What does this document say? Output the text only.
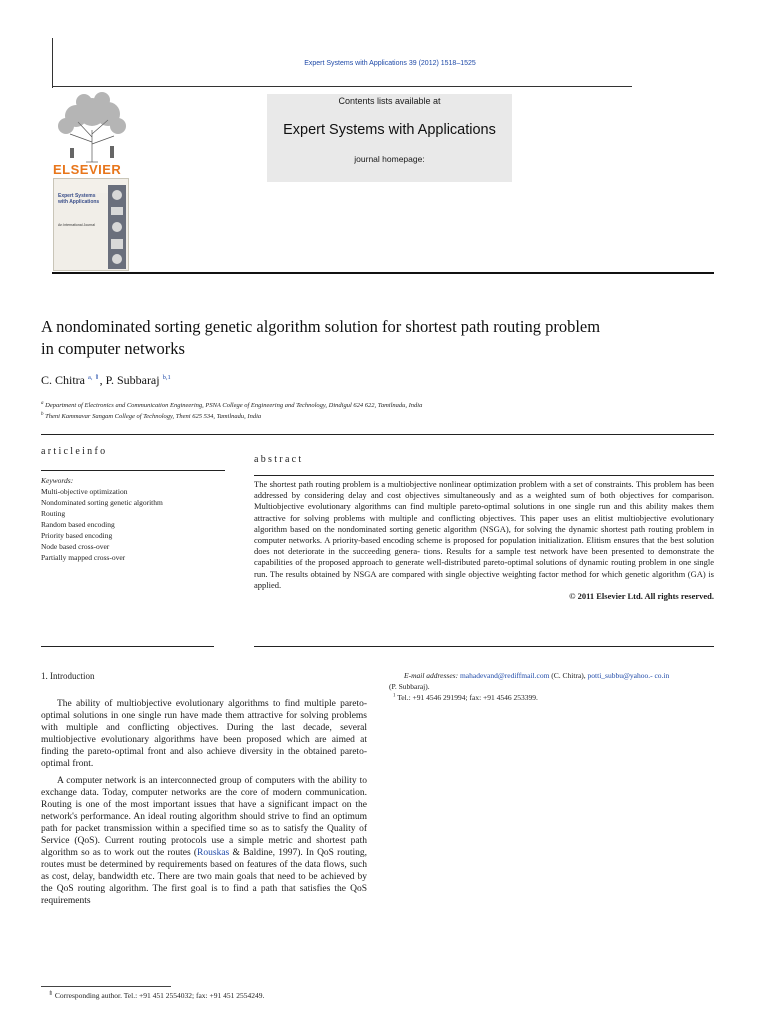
Expert Systems with Applications 39 (2012) 1518–1525
ELSEVIER
Expert Systems with Applications
An International Journal
Contents lists available at
Expert Systems with Applications
journal homepage:
A nondominated sorting genetic algorithm solution for shortest path routing problem in computer networks
C. Chitra $^{a, ⇑}$, P. Subbaraj $^{b,1}$
$^a$ Department of Electronics and Communication Engineering, PSNA College of Engineering and Technology, Dindigul 624 622, Tamilnadu, India
$^b$ Theni Kammavar Sangam College of Technology, Theni 625 534, Tamilnadu, India
articleinfo
Keywords:
Multi-objective optimization
Nondominated sorting genetic algorithm
Routing
Random based encoding
Priority based encoding
Node based cross-over
Partially mapped cross-over
abstract
The shortest path routing problem is a multiobjective nonlinear optimization problem with a set of constraints. This problem has been addressed by considering delay and cost objectives simultaneously and as a weighted sum of both objectives for comparison. Multiobjective evolutionary algorithms can find multiple pareto-optimal solutions in one single run and this ability makes them attractive for solving problems with multiple and conflicting objectives. This paper uses an elitist multiobjective evolutionary algorithm based on the nondominated sorting genetic algorithm (NSGA), for solving the dynamic shortest path routing problem in computer networks. A priority-based encoding scheme is proposed for population initialization. Elitism ensures that the best solution does not deteriorate in the succeeding genera- tions. Results for a sample test network have been presented to demonstrate the capabilities of the proposed approach to generate well-distributed pareto-optimal solutions of dynamic routing problem in one single run. The results obtained by NSGA are compared with single objective weighting factor method for which genetic algorithm (GA) is applied.
© 2011 Elsevier Ltd. All rights reserved.
1. Introduction

The ability of multiobjective evolutionary algorithms to find multiple pareto-optimal solutions in one single run have made them attractive for solving problems with multiple and conflicting objectives. During the last decade, several multiobjective evolutionary algorithms have been proposed which are aimed at finding the pareto-optimal front and also achieve diversity in the obtained pareto-optimal front.

A computer network is an interconnected group of computers with the ability to exchange data. Today, computer networks are the core of modern communication. Routing is one of the most important issues that have a significant impact on the network's performance. An ideal routing algorithm should strive to find an optimum path for packet transmission within a specified time so as to satisfy the Quality of Service (QoS). Current routing protocols use a simple metric and shortest path algorithm so as to work out the routes (Rouskas & Baldine, 1997). In QoS routing, routes must be determined by requirements based on features of the data flows, such as cost, delay, bandwidth etc. There are two main goals that need to be achieved by the QoS routing algorithm. The first goal is to find a path that satisfies the QoS requirements

E-mail addresses: mahadevand@rediffmail.com (C. Chitra), potti_subbu@yahoo.- co.in
(P. Subbaraj).
$^1$ Tel.: +91 4546 291994; fax: +91 4546 253399.
⇑ Corresponding author. Tel.: +91 451 2554032; fax: +91 451 2554249.
